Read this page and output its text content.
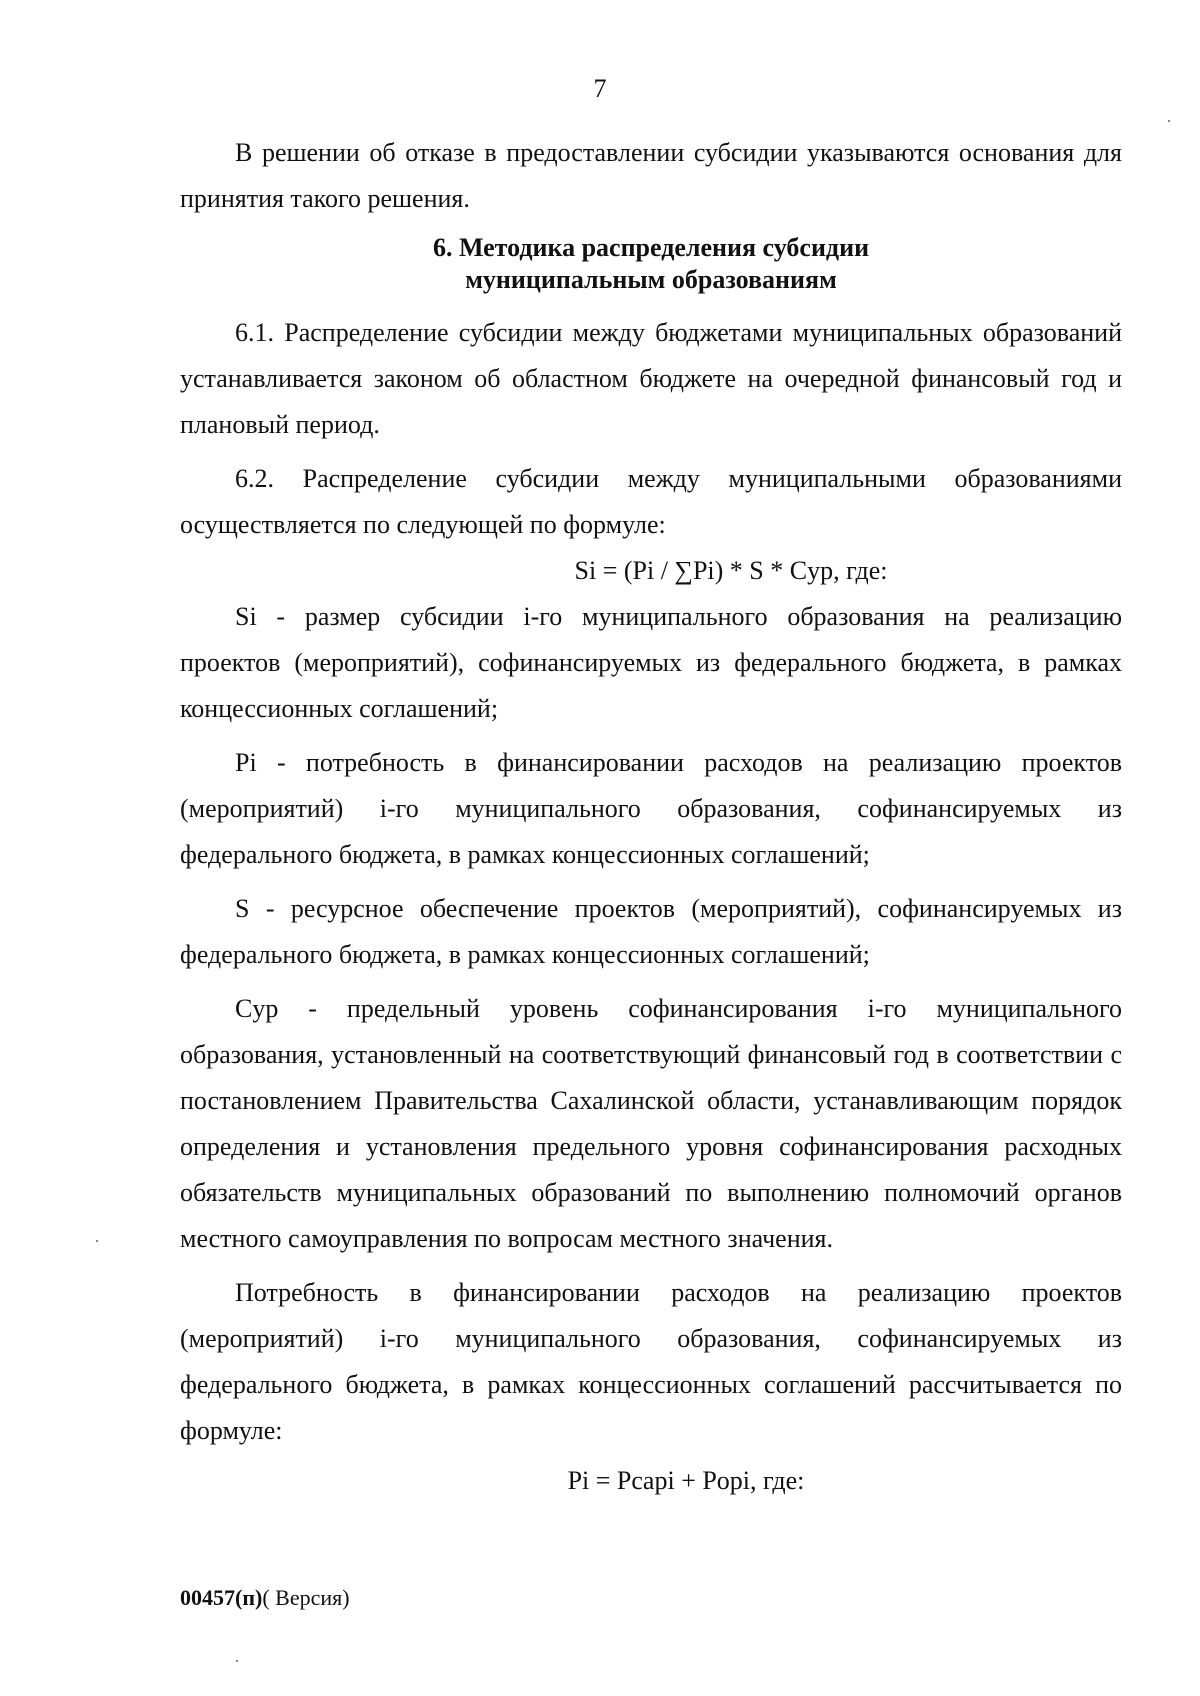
7

В решении об отказе в предоставлении субсидии указываются основания для принятия такого решения.

6. Методика распределения субсидии
муниципальным образованиям

6.1. Распределение субсидии между бюджетами муниципальных образований устанавливается законом об областном бюджете на очередной финансовый год и плановый период.

6.2. Распределение субсидии между муниципальными образованиями осуществляется по следующей по формуле:

Si = (Pi / ∑Pi) * S * Cyp, где:

Si - размер субсидии i-го муниципального образования на реализацию проектов (мероприятий), софинансируемых из федерального бюджета, в рамках концессионных соглашений;

Pi - потребность в финансировании расходов на реализацию проектов (мероприятий) i-го муниципального образования, софинансируемых из федерального бюджета, в рамках концессионных соглашений;

S - ресурсное обеспечение проектов (мероприятий), софинансируемых из федерального бюджета, в рамках концессионных соглашений;

Cyp - предельный уровень софинансирования i-го муниципального образования, установленный на соответствующий финансовый год в соответствии с постановлением Правительства Сахалинской области, устанавливающим порядок определения и установления предельного уровня софинансирования расходных обязательств муниципальных образований по выполнению полномочий органов местного самоуправления по вопросам местного значения.

Потребность в финансировании расходов на реализацию проектов (мероприятий) i-го муниципального образования, софинансируемых из федерального бюджета, в рамках концессионных соглашений рассчитывается по формуле:

Pi = Pcapi + Popi, где:

00457(п)( Версия)
